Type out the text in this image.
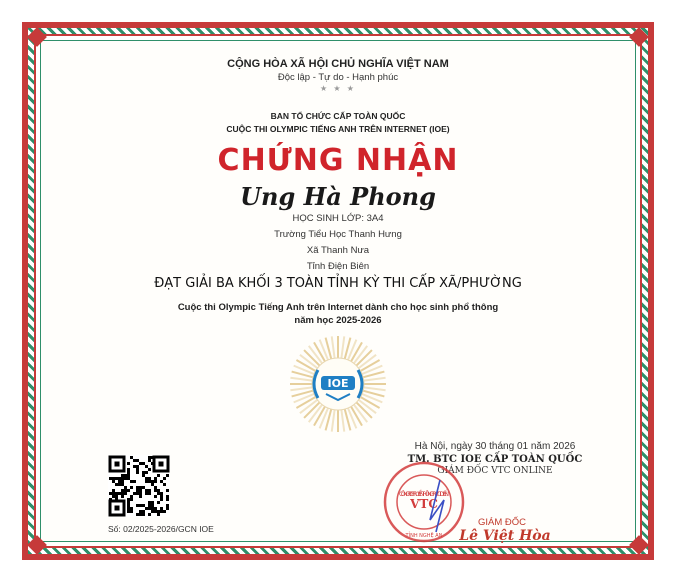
CỘNG HÒA XÃ HỘI CHỦ NGHĨA VIỆT NAM
Độc lập - Tự do - Hạnh phúc
★ ★ ★
BAN TỔ CHỨC CẤP TOÀN QUỐC
CUỘC THI OLYMPIC TIẾNG ANH TRÊN INTERNET (IOE)
CHỨNG NHẬN
Ung Hà Phong
HỌC SINH LỚP: 3A4
Trường Tiểu Học Thanh Hưng
Xã Thanh Nưa
Tỉnh Điện Biên
ĐẠT GIẢI BA KHỐI 3 TOÀN TỈNH KỲ THI CẤP XÃ/PHƯỜNG
Cuộc thi Olympic Tiếng Anh trên Internet dành cho học sinh phổ thông
năm học 2025-2026
IOE
Số: 02/2025-2026/GCN IOE
Hà Nội, ngày 30 tháng 01 năm 2026
TM. BTC IOE CẤP TOÀN QUỐC
GIÁM ĐỐC VTC ONLINE
CÔNG TY CP TRUYỀN THÔNG TRỰC TUYẾN
VTC
TỈNH NGHỆ AN
GIÁM ĐỐC
Lê Việt Hòa
